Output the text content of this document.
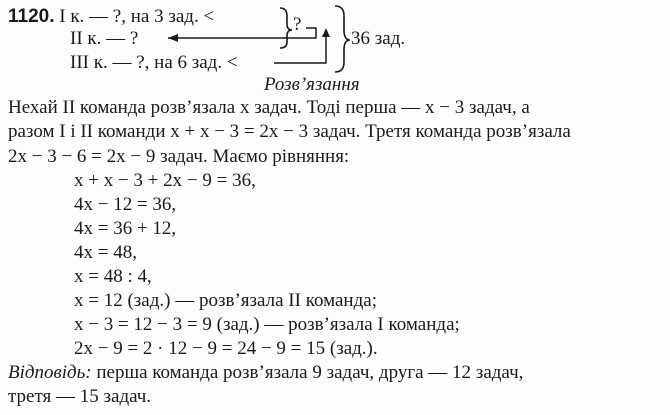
1120. І к. — ?, на 3 зад. <
ІІ к. — ?
ІІІ к. — ?, на 6 зад. <
?
36 зад.
Розв’язання
Нехай ІІ команда розв’язала x задач. Тоді перша — x − 3 задач, а
разом І і ІІ команди x + x − 3 = 2x − 3 задач. Третя команда розв’язала
2x − 3 − 6 = 2x − 9 задач. Маємо рівняння:
x + x − 3 + 2x − 9 = 36,
4x − 12 = 36,
4x = 36 + 12,
4x = 48,
x = 48 : 4,
x = 12 (зад.) — розв’язала ІІ команда;
x − 3 = 12 − 3 = 9 (зад.) — розв’язала І команда;
2x − 9 = 2 · 12 − 9 = 24 − 9 = 15 (зад.).
Відповідь: перша команда розв’язала 9 задач, друга — 12 задач,
третя — 15 задач.
